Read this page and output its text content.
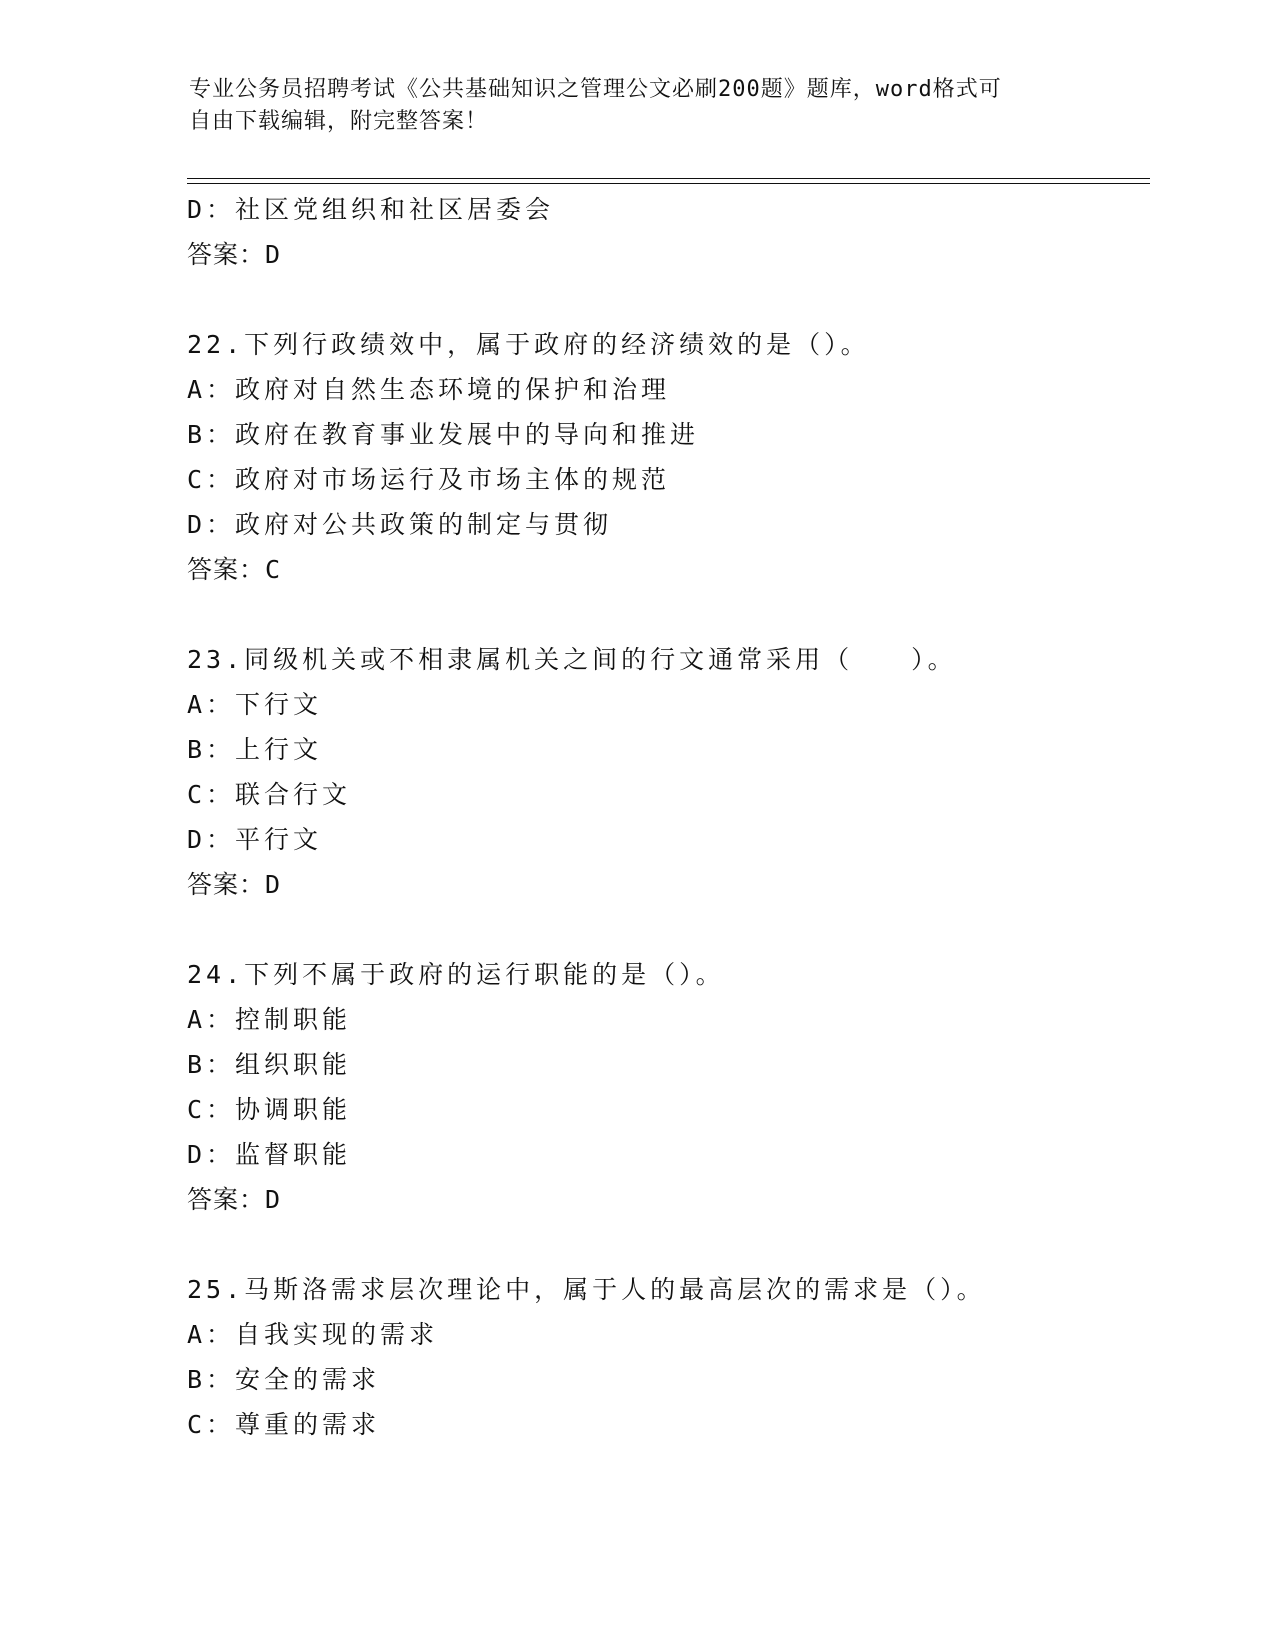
专业公务员招聘考试《公共基础知识之管理公文必刷200题》题库，word格式可
自由下载编辑，附完整答案！
D：社区党组织和社区居委会
答案：D
22.下列行政绩效中，属于政府的经济绩效的是（）。
A：政府对自然生态环境的保护和治理
B：政府在教育事业发展中的导向和推进
C：政府对市场运行及市场主体的规范
D：政府对公共政策的制定与贯彻
答案：C
23.同级机关或不相隶属机关之间的行文通常采用（　　）。
A：下行文
B：上行文
C：联合行文
D：平行文
答案：D
24.下列不属于政府的运行职能的是（）。
A：控制职能
B：组织职能
C：协调职能
D：监督职能
答案：D
25.马斯洛需求层次理论中，属于人的最高层次的需求是（）。
A：自我实现的需求
B：安全的需求
C：尊重的需求
